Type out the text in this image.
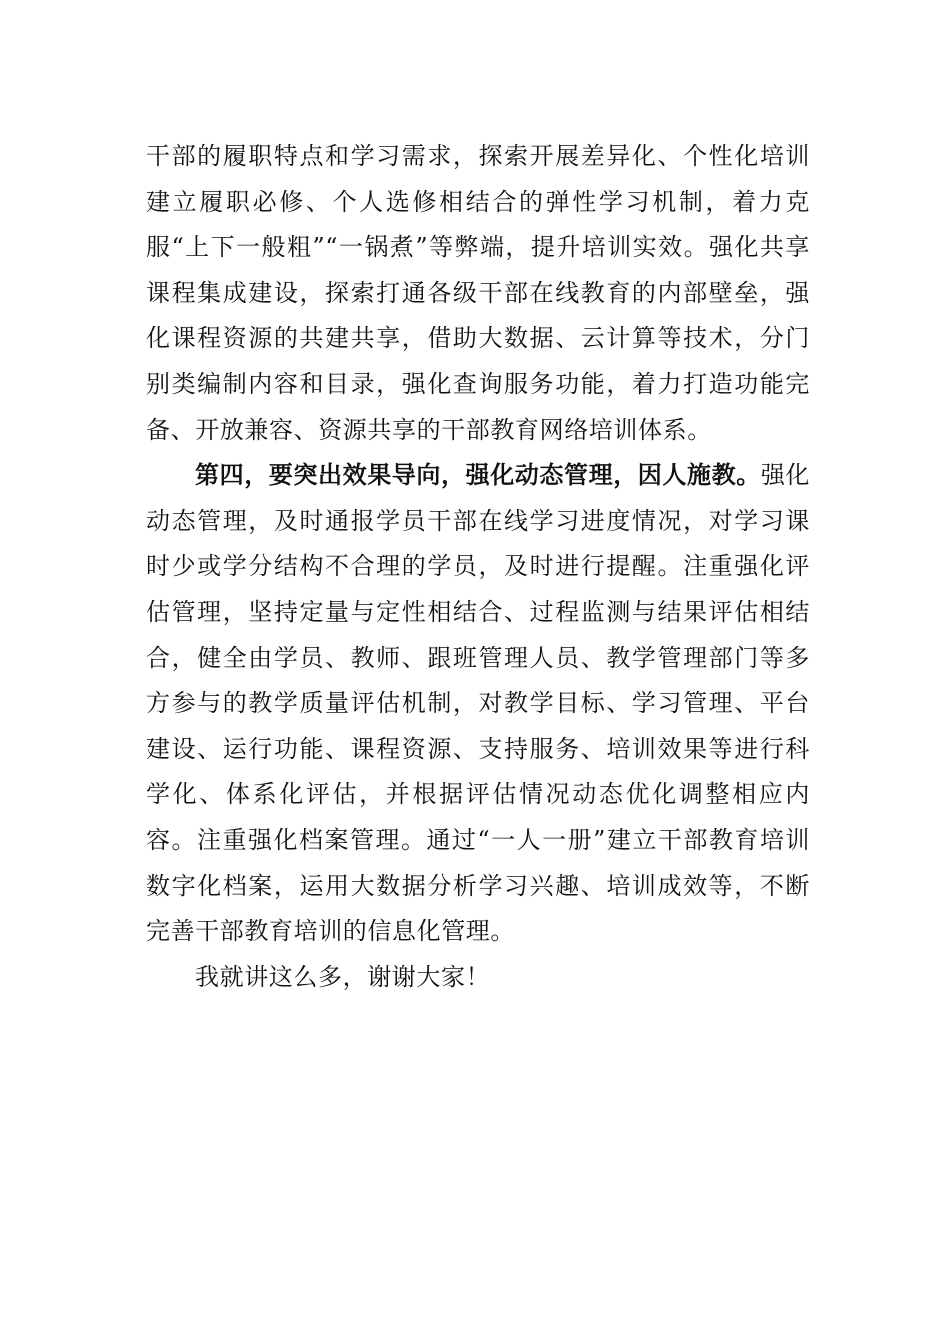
干部的履职特点和学习需求，探索开展差异化、个性化培训建立履职必修、个人选修相结合的弹性学习机制，着力克服“上下一般粗”“一锅煮”等弊端，提升培训实效。强化共享课程集成建设，探索打通各级干部在线教育的内部壁垒，强化课程资源的共建共享，借助大数据、云计算等技术，分门别类编制内容和目录，强化查询服务功能，着力打造功能完备、开放兼容、资源共享的干部教育网络培训体系。

第四，要突出效果导向，强化动态管理，因人施教。强化动态管理，及时通报学员干部在线学习进度情况，对学习课时少或学分结构不合理的学员，及时进行提醒。注重强化评估管理，坚持定量与定性相结合、过程监测与结果评估相结合，健全由学员、教师、跟班管理人员、教学管理部门等多方参与的教学质量评估机制，对教学目标、学习管理、平台建设、运行功能、课程资源、支持服务、培训效果等进行科学化、体系化评估，并根据评估情况动态优化调整相应内容。注重强化档案管理。通过“一人一册”建立干部教育培训数字化档案，运用大数据分析学习兴趣、培训成效等，不断完善干部教育培训的信息化管理。

我就讲这么多，谢谢大家！
